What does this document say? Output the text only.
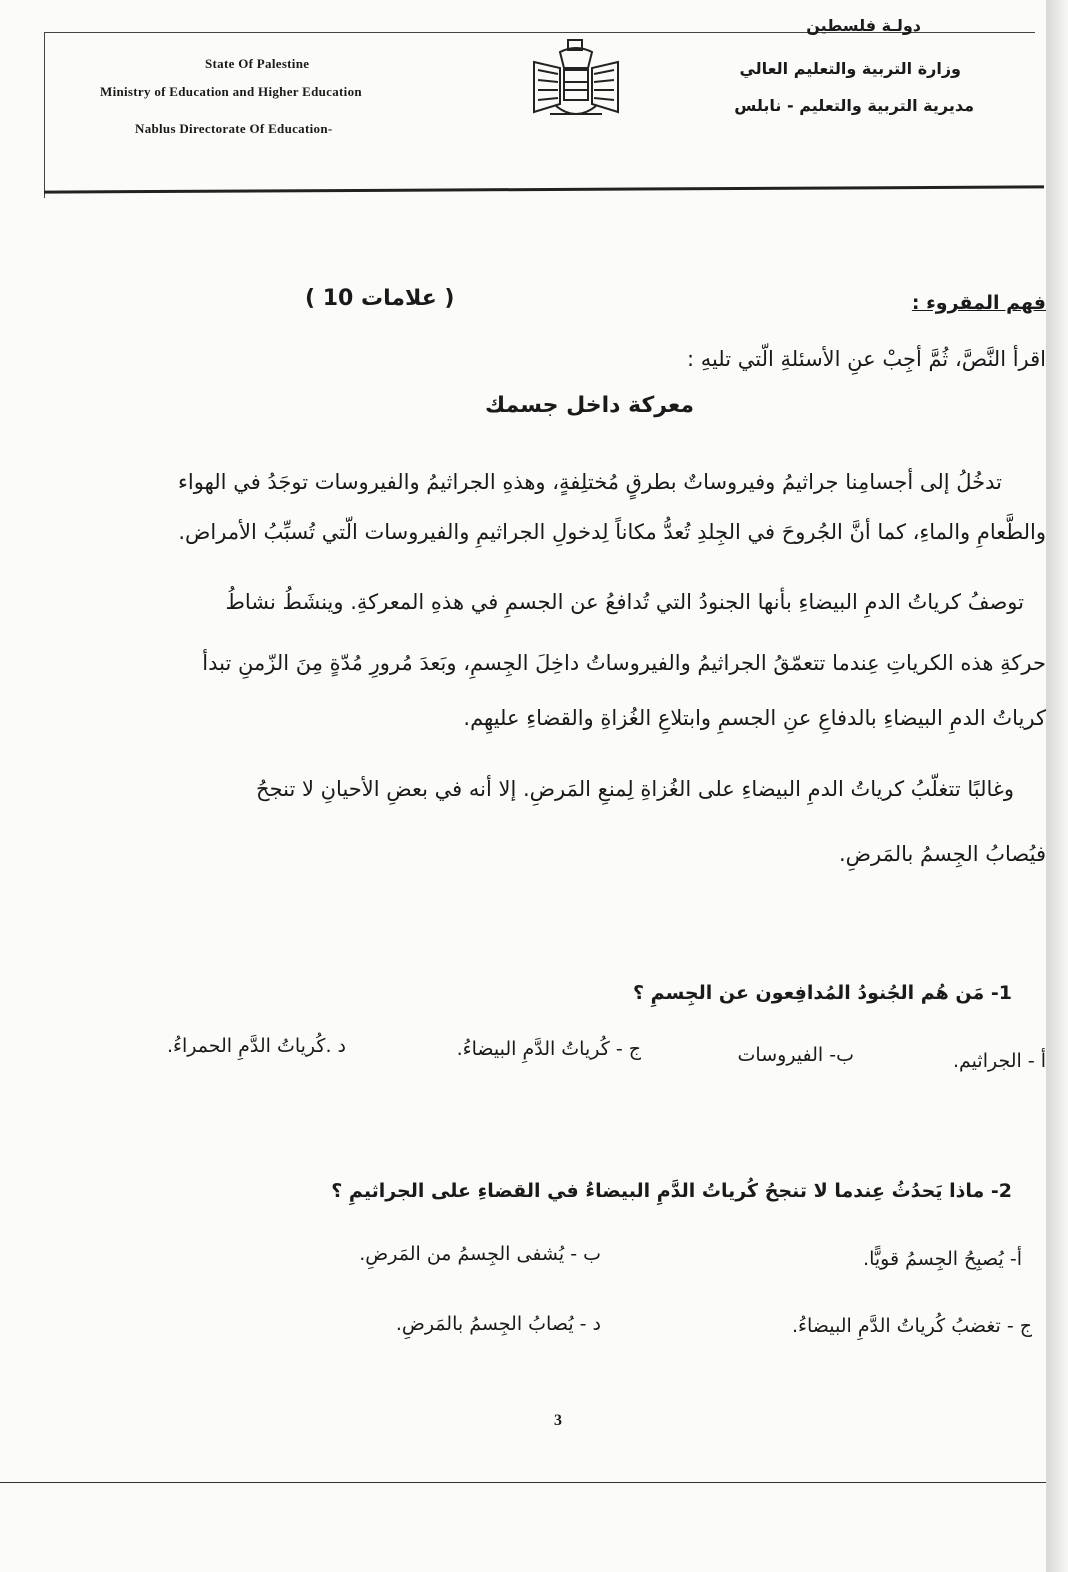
State Of Palestine
Ministry of Education and Higher Education
Nablus Directorate Of Education-
دولـة فلسطين
وزارة التربية والتعليم العالي
مديرية التربية والتعليم - نابلس
فهم المقروء :
( 10 علامات )
اقرأ النَّصَّ، ثُمَّ أجِبْ عنِ الأسئلةِ الّتي تليهِ :
معركة داخل جسمك
تدخُلُ إلى أجسامِنا جراثيمُ وفيروساتٌ بطرقٍ مُختلِفةٍ، وهذهِ الجراثيمُ والفيروسات توجَدُ في الهواء
والطَّعامِ والماءِ، كما أنَّ الجُروحَ في الجِلدِ تُعدُّ مكاناً لِدخولِ الجراثيمِ والفيروسات الّتي تُسبِّبُ الأمراض.
توصفُ كرياتُ الدمِ البيضاءِ بأنها الجنودُ التي تُدافعُ عن الجسمِ في هذهِ المعركةِ. وينشَطُ نشاطُ
حركةِ هذه الكرياتِ عِندما تتعمّقُ الجراثيمُ والفيروساتُ داخِلَ الجِسمِ، وبَعدَ مُرورِ مُدّةٍ مِنَ الزّمنِ تبدأ
كرياتُ الدمِ البيضاءِ بالدفاعِ عنِ الجسمِ وابتلاعِ الغُزاةِ والقضاءِ عليهِم.
وغالبًا تتغلّبُ كرياتُ الدمِ البيضاءِ على الغُزاةِ لِمنعِ المَرضِ. إلا أنه في بعضِ الأحيانِ لا تنجحُ
فيُصابُ الجِسمُ بالمَرضِ.
1- مَن هُم الجُنودُ المُدافِعون عن الجِسمِ ؟
أ - الجراثيم.
ب- الفيروسات
ج - كُرياتُ الدَّمِ البيضاءُ.
د .كُرياتُ الدَّمِ الحمراءُ.
2- ماذا يَحدُثُ عِندما لا تنجحُ كُرياتُ الدَّمِ البيضاءُ في القضاءِ على الجراثيمِ ؟
أ- يُصبِحُ الجِسمُ قويًّا.
ب - يُشفى الجِسمُ من المَرضِ.
ج - تغضبُ كُرياتُ الدَّمِ البيضاءُ.
د - يُصابُ الجِسمُ بالمَرضِ.
3
